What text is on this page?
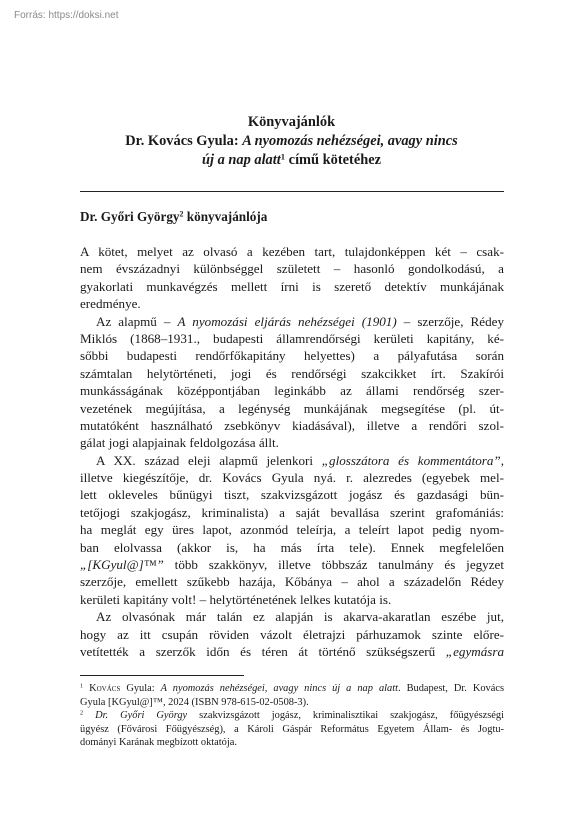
Forrás: https://doksi.net
Könyvajánlók
Dr. Kovács Gyula: A nyomozás nehézségei, avagy nincs
új a nap alatt$^1$ című kötetéhez
Dr. Győri György$^2$ könyvajánlója
A kötet, melyet az olvasó a kezében tart, tulajdonképpen két – csak-
nem évszázadnyi különbséggel született – hasonló gondolkodású, a
gyakorlati munkavégzés mellett írni is szerető detektív munkájának
eredménye.
Az alapmű – A nyomozási eljárás nehézségei (1901) – szerzője, Rédey
Miklós (1868–1931., budapesti államrendőrségi kerületi kapitány, ké-
sőbbi budapesti rendőrfőkapitány helyettes) a pályafutása során
számtalan helytörténeti, jogi és rendőrségi szakcikket írt. Szakírói
munkásságának középpontjában leginkább az állami rendőrség szer-
vezetének megújítása, a legénység munkájának megsegítése (pl. út-
mutatóként használható zsebkönyv kiadásával), illetve a rendőri szol-
gálat jogi alapjainak feldolgozása állt.
A XX. század eleji alapmű jelenkori „glosszátora és kommentátora”,
illetve kiegészítője, dr. Kovács Gyula nyá. r. alezredes (egyebek mel-
lett okleveles bűnügyi tiszt, szakvizsgázott jogász és gazdasági bün-
tetőjogi szakjogász, kriminalista) a saját bevallása szerint grafomániás:
ha meglát egy üres lapot, azonmód teleírja, a teleírt lapot pedig nyom-
ban elolvassa (akkor is, ha más írta tele). Ennek megfelelően
„[KGyul@]™” több szakkönyv, illetve többszáz tanulmány és jegyzet
szerzője, emellett szűkebb hazája, Kőbánya – ahol a századelőn Rédey
kerületi kapitány volt! – helytörténetének lelkes kutatója is.
Az olvasónak már talán ez alapján is akarva-akaratlan eszébe jut,
hogy az itt csupán röviden vázolt életrajzi párhuzamok szinte előre-
vetítették a szerzők időn és téren át történő szükségszerű „egymásra
$^1$ Kovács Gyula: A nyomozás nehézségei, avagy nincs új a nap alatt. Budapest, Dr. Kovács
Gyula [KGyul@]™, 2024 (ISBN 978-615-02-0508-3).
$^2$ Dr. Győri György szakvizsgázott jogász, kriminalisztikai szakjogász, főügyészségi
ügyész (Fővárosi Főügyészség), a Károli Gáspár Református Egyetem Állam- és Jogtu-
dományi Karának megbízott oktatója.
